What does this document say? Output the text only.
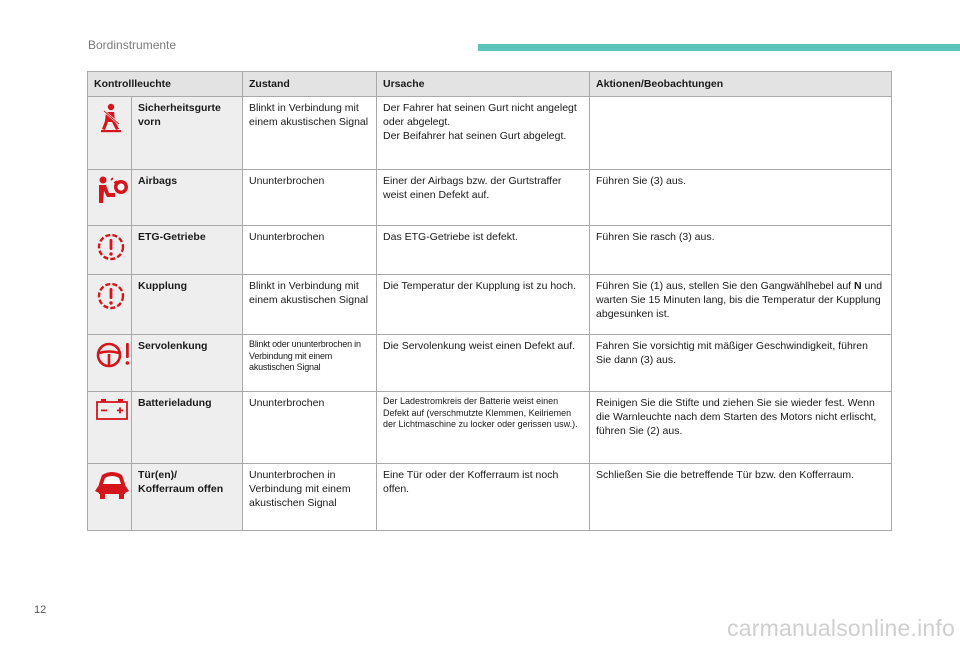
Bordinstrumente
Kontrollleuchte		Zustand	Ursache	Aktionen/Beobachtungen

	Sicherheitsgurte vorn	Blinkt in Verbindung mit einem akustischen Signal	Der Fahrer hat seinen Gurt nicht angelegt oder abgelegt.
Der Beifahrer hat seinen Gurt abgelegt.	

	Airbags	Ununterbrochen	Einer der Airbags bzw. der Gurtstraffer weist einen Defekt auf.	Führen Sie (3) aus.

	ETG-Getriebe	Ununterbrochen	Das ETG-Getriebe ist defekt.	Führen Sie rasch (3) aus.

	Kupplung	Blinkt in Verbindung mit einem akustischen Signal	Die Temperatur der Kupplung ist zu hoch.	Führen Sie (1) aus, stellen Sie den Gangwählhebel auf N und warten Sie 15 Minuten lang, bis die Temperatur der Kupplung abgesunken ist.

	Servolenkung	Blinkt oder ununterbrochen in Verbindung mit einem akustischen Signal	Die Servolenkung weist einen Defekt auf.	Fahren Sie vorsichtig mit mäßiger Geschwindigkeit, führen Sie dann (3) aus.

	Batterieladung	Ununterbrochen	Der Ladestromkreis der Batterie weist einen Defekt auf (verschmutzte Klemmen, Keilriemen der Lichtmaschine zu locker oder gerissen usw.).	Reinigen Sie die Stifte und ziehen Sie sie wieder fest. Wenn die Warnleuchte nach dem Starten des Motors nicht erlischt, führen Sie (2) aus.

	Tür(en)/ Kofferraum offen	Ununterbrochen in Verbindung mit einem akustischen Signal	Eine Tür oder der Kofferraum ist noch offen.	Schließen Sie die betreffende Tür bzw. den Kofferraum.
12
carmanualsonline.info
